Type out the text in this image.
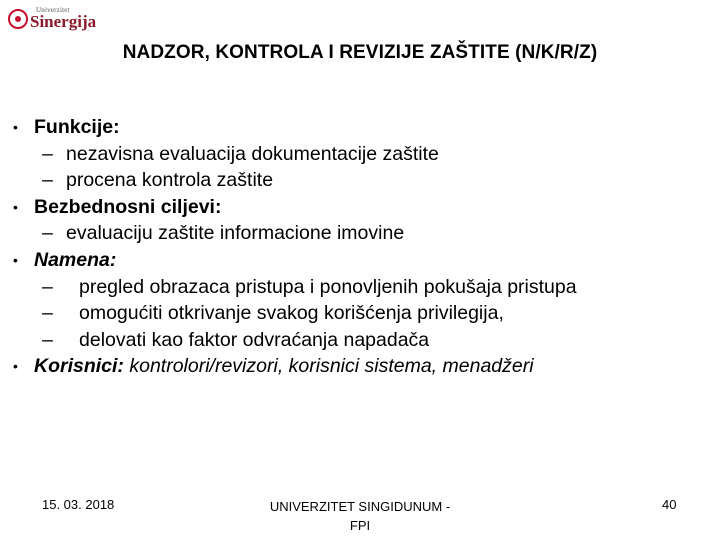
Univerzitet
Sinergija
NADZOR, KONTROLA I REVIZIJE ZAŠTITE (N/K/R/Z)
• Funkcije:
– nezavisna evaluacija dokumentacije zaštite
– procena kontrola zaštite
• Bezbednosni ciljevi:
– evaluaciju zaštite informacione imovine
• Namena:
– pregled obrazaca pristupa i ponovljenih pokušaja pristupa
– omogućiti otkrivanje svakog korišćenja privilegija,
– delovati kao faktor odvraćanja napadača
• Korisnici: kontrolori/revizori, korisnici sistema, menadžeri
15. 03. 2018	UNIVERZITET SINGIDUNUM -
FPI
40
